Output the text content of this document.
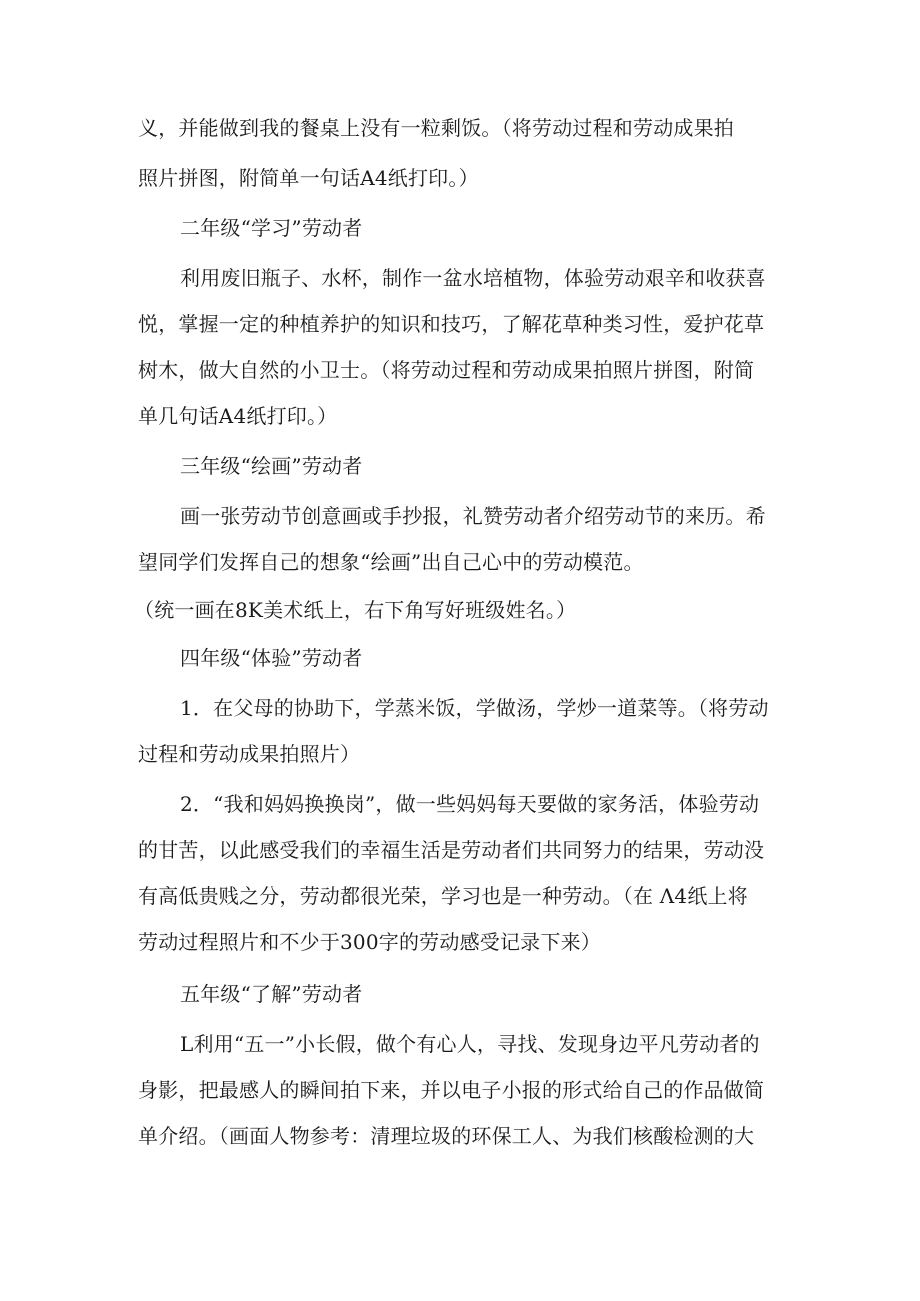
义，并能做到我的餐桌上没有一粒剩饭。（将劳动过程和劳动成果拍
照片拼图，附简单一句话A4纸打印。）
二年级“学习”劳动者
利用废旧瓶子、水杯，制作一盆水培植物，体验劳动艰辛和收获喜
悦，掌握一定的种植养护的知识和技巧，了解花草种类习性，爱护花草
树木，做大自然的小卫士。（将劳动过程和劳动成果拍照片拼图，附简
单几句话A4纸打印。）
三年级“绘画”劳动者
画一张劳动节创意画或手抄报，礼赞劳动者介绍劳动节的来历。希
望同学们发挥自己的想象“绘画”出自己心中的劳动模范。
（统一画在8K美术纸上，右下角写好班级姓名。）
四年级“体验”劳动者
1．在父母的协助下，学蒸米饭，学做汤，学炒一道菜等。（将劳动
过程和劳动成果拍照片）
2．“我和妈妈换换岗”，做一些妈妈每天要做的家务活，体验劳动
的甘苦，以此感受我们的幸福生活是劳动者们共同努力的结果，劳动没
有高低贵贱之分，劳动都很光荣，学习也是一种劳动。（在 Λ4纸上将
劳动过程照片和不少于300字的劳动感受记录下来）
五年级“了解”劳动者
L利用“五一”小长假，做个有心人，寻找、发现身边平凡劳动者的
身影，把最感人的瞬间拍下来，并以电子小报的形式给自己的作品做简
单介绍。（画面人物参考：清理垃圾的环保工人、为我们核酸检测的大
